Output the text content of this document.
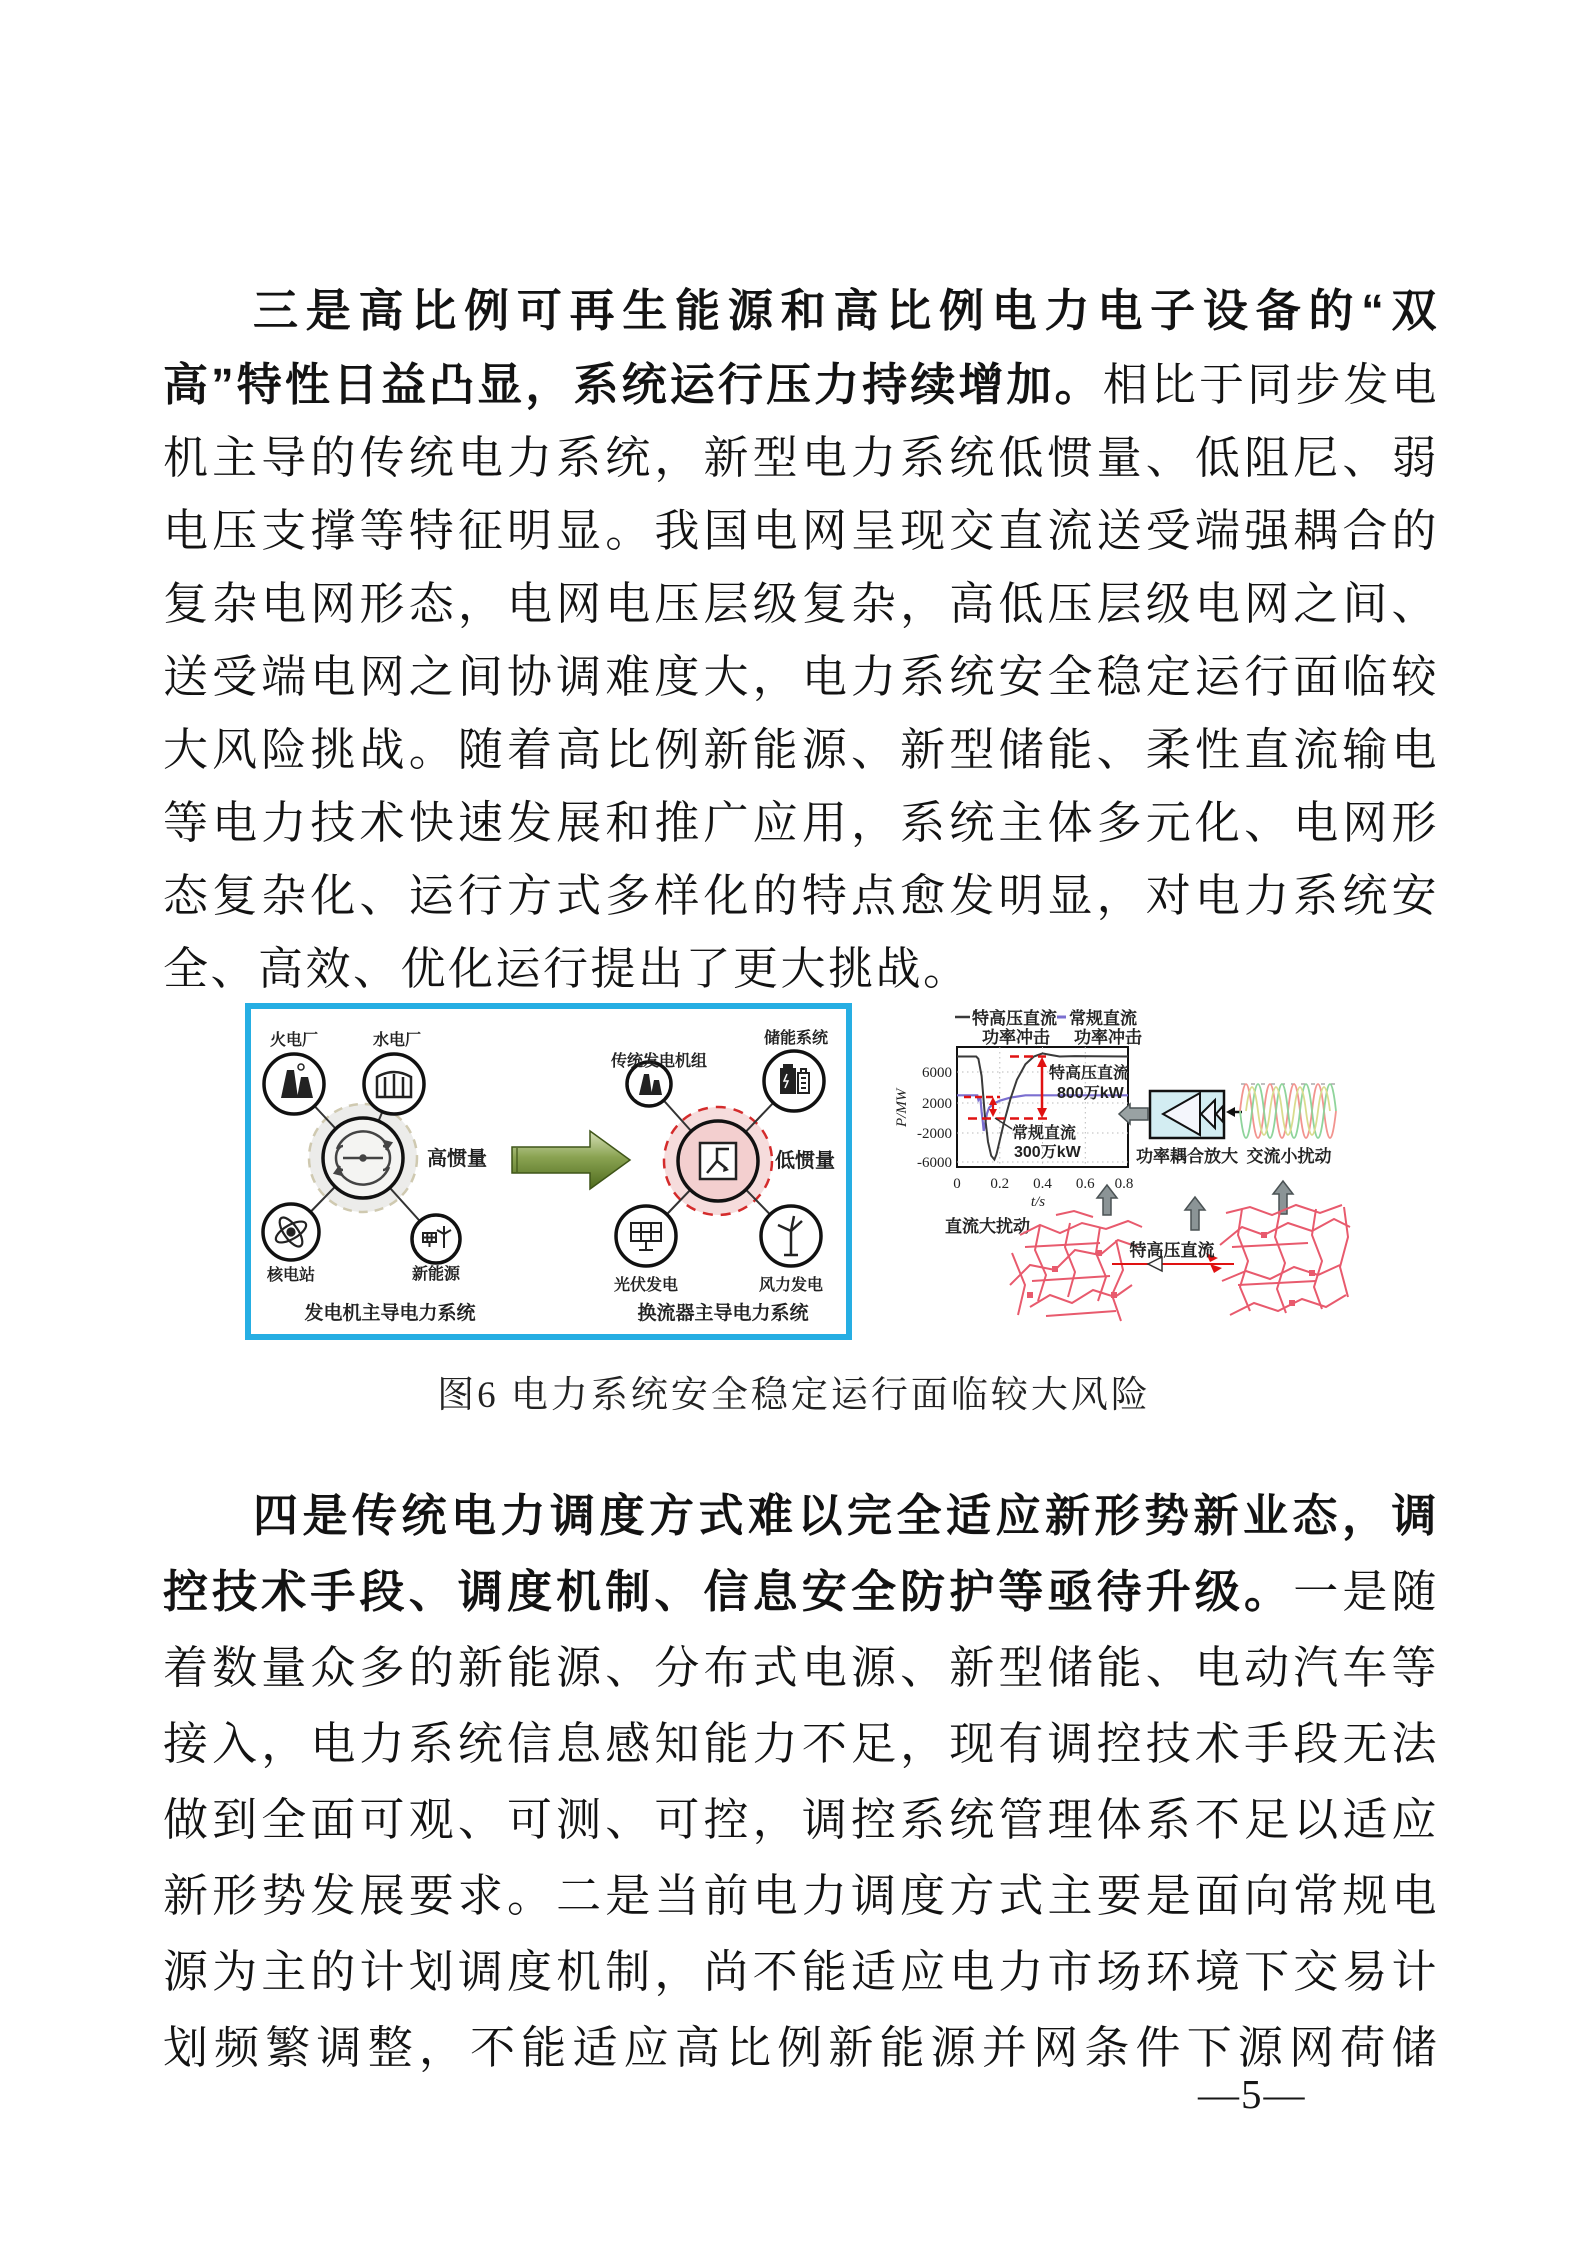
三是高比例可再生能源和高比例电力电子设备的“双高”特性日益凸显，系统运行压力持续增加。相比于同步发电机主导的传统电力系统，新型电力系统低惯量、低阻尼、弱电压支撑等特征明显。我国电网呈现交直流送受端强耦合的复杂电网形态，电网电压层级复杂，高低压层级电网之间、送受端电网之间协调难度大，电力系统安全稳定运行面临较大风险挑战。随着高比例新能源、新型储能、柔性直流输电等电力技术快速发展和推广应用，系统主体多元化、电网形态复杂化、运行方式多样化的特点愈发明显，对电力系统安全、高效、优化运行提出了更大挑战。

火电厂	水电厂
核电站	新能源
高惯量
发电机主导电力系统
传统发电机组
储能系统
光伏发电	风力发电
低惯量
换流器主导电力系统
特高压直流 常规直流
功率冲击 功率冲击
特高压直流
800万kW
常规直流
300万kW
6000
2000
-2000
-6000
P/MW
0 0.2 0.4 0.6 0.8
t/s
功率耦合放大 交流小扰动
直流大扰动
特高压直流
图6 电力系统安全稳定运行面临较大风险

四是传统电力调度方式难以完全适应新形势新业态，调控技术手段、调度机制、信息安全防护等亟待升级。一是随着数量众多的新能源、分布式电源、新型储能、电动汽车等接入，电力系统信息感知能力不足，现有调控技术手段无法做到全面可观、可测、可控，调控系统管理体系不足以适应新形势发展要求。二是当前电力调度方式主要是面向常规电源为主的计划调度机制，尚不能适应电力市场环境下交易计划频繁调整，不能适应高比例新能源并网条件下源网荷储

—5—
